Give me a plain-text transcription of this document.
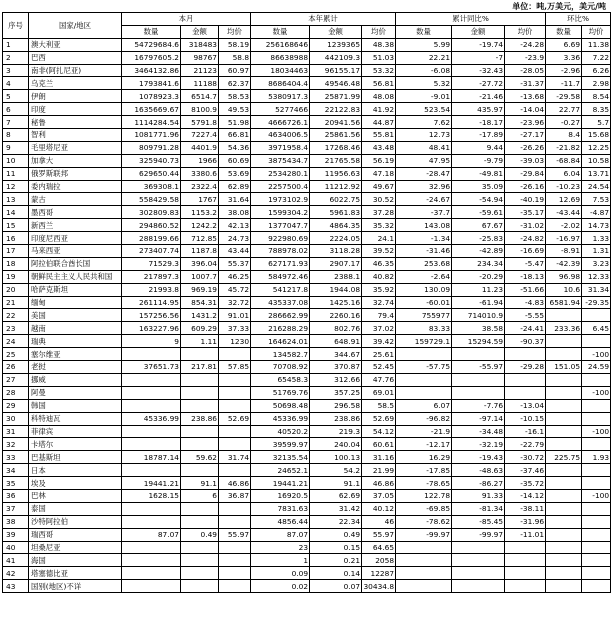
单位：吨,万美元，美元/吨
序号	国家/地区	本月			本年累计			累计同比%			环比%	
		数量	金额	均价	数量	金额	均价	数量	金额	均价	数量	均价
1	澳大利亚	54729684.6	318483	58.19	256168646	1239365	48.38	5.99	-19.74	-24.28	6.69	11.38
2	巴西	16797605.2	98767	58.8	86638988	442109.3	51.03	22.21	-7	-23.9	3.36	7.22
3	南非(阿扎尼亚)	3464132.86	21123	60.97	18034463	96155.17	53.32	-6.08	-32.43	-28.05	-2.96	6.26
4	乌克兰	1793841.6	11188	62.37	8686404.4	49546.48	56.81	5.32	-27.72	-31.37	-11.7	2.98
5	伊朗	1078923.3	6514.7	58.53	5380917.3	25871.99	48.08	-9.01	-21.46	-13.68	-29.58	8.54
6	印度	1635669.67	8100.9	49.53	5277466	22122.83	41.92	523.54	435.97	-14.04	22.77	8.35
7	秘鲁	1114284.54	5791.8	51.98	4666726.1	20941.56	44.87	7.62	-18.17	-23.96	-0.27	5.7
8	智利	1081771.96	7227.4	66.81	4634006.5	25861.56	55.81	12.73	-17.89	-27.17	8.4	15.68
9	毛里塔尼亚	809791.28	4401.9	54.36	3971958.4	17268.46	43.48	48.41	9.44	-26.26	-21.82	12.25
10	加拿大	325940.73	1966	60.69	3875434.7	21765.58	56.19	47.95	-9.79	-39.03	-68.84	10.58
11	俄罗斯联邦	629650.44	3380.6	53.69	2534280.1	11956.63	47.18	-28.47	-49.81	-29.84	6.04	13.71
12	委内瑞拉	369308.1	2322.4	62.89	2257500.4	11212.92	49.67	32.96	35.09	-26.16	-10.23	24.54
13	蒙古	558429.58	1767	31.64	1973102.9	6022.75	30.52	-24.67	-54.94	-40.19	12.69	7.53
14	墨西哥	302809.83	1153.2	38.08	1599304.2	5961.83	37.28	-37.7	-59.61	-35.17	-43.44	-4.87
15	新西兰	294860.52	1242.2	42.13	1377047.7	4864.35	35.32	143.08	67.67	-31.02	-2.02	14.73
16	印度尼西亚	288199.66	712.85	24.73	922980.69	2224.05	24.1	-1.34	-25.83	-24.82	-16.97	1.33
17	马来西亚	273407.74	1187.8	43.44	788978.02	3118.28	39.52	-31.46	-42.89	-16.69	-8.91	1.31
18	阿拉伯联合酋长国	71529.3	396.04	55.37	627171.93	2907.17	46.35	253.68	234.34	-5.47	-42.39	3.23
19	朝鲜民主主义人民共和国	217897.3	1007.7	46.25	584972.46	2388.1	40.82	-2.64	-20.29	-18.13	96.98	12.33
20	哈萨克斯坦	21993.8	969.19	45.72	541217.8	1944.08	35.92	130.09	11.23	-51.66	10.6	31.34
21	缅甸	261114.95	854.31	32.72	435337.08	1425.16	32.74	-60.01	-61.94	-4.83	6581.94	-29.35
22	美国	157256.56	1431.2	91.01	286662.99	2260.16	79.4	755977	714010.9	-5.55		
23	越南	163227.96	609.29	37.33	216288.29	802.76	37.02	83.33	38.58	-24.41	233.36	6.45
24	瑞典	9	1.11	1230	164624.01	648.91	39.42	159729.1	15294.59	-90.37		
25	塞尔维亚				134582.7	344.67	25.61					-100
26	老挝	37651.73	217.81	57.85	70708.92	370.87	52.45	-57.75	-55.97	-29.28	151.05	24.59
27	挪威				65458.3	312.66	47.76					
28	阿曼				51769.76	357.25	69.01					-100
29	韩国				50698.48	296.58	58.5	6.07	-7.76	-13.04		
30	科特迪瓦	45336.99	238.86	52.69	45336.99	238.86	52.69	-96.82	-97.14	-10.15		
31	菲律宾				40520.2	219.3	54.12	-21.9	-34.48	-16.1		-100
32	卡塔尔				39599.97	240.04	60.61	-12.17	-32.19	-22.79		
33	巴基斯坦	18787.14	59.62	31.74	32135.54	100.13	31.16	16.29	-19.43	-30.72	225.75	1.93
34	日本				24652.1	54.2	21.99	-17.85	-48.63	-37.46		
35	埃及	19441.21	91.1	46.86	19441.21	91.1	46.86	-78.65	-86.27	-35.72		
36	巴林	1628.15	6	36.87	16920.5	62.69	37.05	122.78	91.33	-14.12		-100
37	泰国				7831.63	31.42	40.12	-69.85	-81.34	-38.11		
38	沙特阿拉伯				4856.44	22.34	46	-78.62	-85.45	-31.96		
39	瑞西哥	87.07	0.49	55.97	87.07	0.49	55.97	-99.97	-99.97	-11.01		
40	坦桑尼亚				23	0.15	64.65					
41	海国				1	0.21	2058					
42	塔塞德比亚				0.09	0.14	12287					
43	国别(地区)不详				0.02	0.07	30434.8					
